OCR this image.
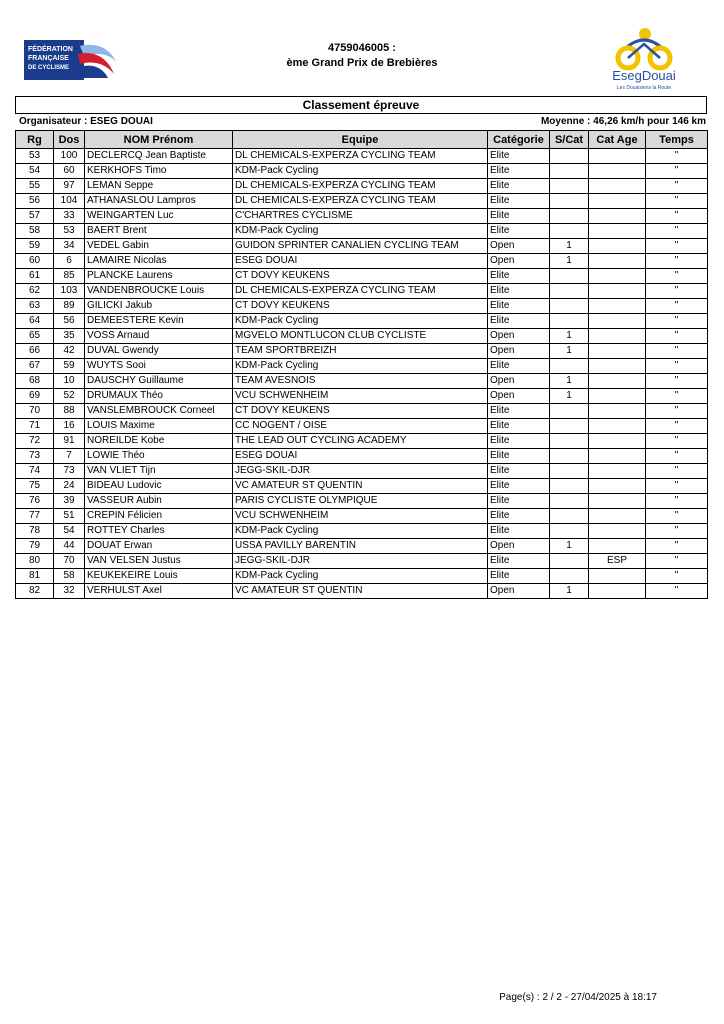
FÉDÉRATION
FRANÇAISE
DE CYCLISME	EsegDouai
Les Douaisiens la Route
4759046005 :
ème Grand Prix de Brebières
Classement épreuve
Organisateur : ESEG DOUAI	Moyenne : 46,26 km/h pour 146 km
Rg	Dos	NOM Prénom	Equipe	Catégorie	S/Cat	Cat Age	Temps
53	100	DECLERCQ Jean Baptiste	DL CHEMICALS-EXPERZA CYCLING TEAM	Elite			"
54	60	KERKHOFS Timo	KDM-Pack Cycling	Elite			"
55	97	LEMAN Seppe	DL CHEMICALS-EXPERZA CYCLING TEAM	Elite			"
56	104	ATHANASLOU Lampros	DL CHEMICALS-EXPERZA CYCLING TEAM	Elite			"
57	33	WEINGARTEN Luc	C'CHARTRES CYCLISME	Elite			"
58	53	BAERT Brent	KDM-Pack Cycling	Elite			"
59	34	VEDEL Gabin	GUIDON SPRINTER CANALIEN CYCLING TEAM	Open	1		"
60	6	LAMAIRE Nicolas	ESEG DOUAI	Open	1		"
61	85	PLANCKE Laurens	CT DOVY KEUKENS	Elite			"
62	103	VANDENBROUCKE Louis	DL CHEMICALS-EXPERZA CYCLING TEAM	Elite			"
63	89	GILICKI Jakub	CT DOVY KEUKENS	Elite			"
64	56	DEMEESTERE Kevin	KDM-Pack Cycling	Elite			"
65	35	VOSS Arnaud	MGVELO MONTLUCON CLUB CYCLISTE	Open	1		"
66	42	DUVAL Gwendy	TEAM SPORTBREIZH	Open	1		"
67	59	WUYTS Sooi	KDM-Pack Cycling	Elite			"
68	10	DAUSCHY Guillaume	TEAM AVESNOIS	Open	1		"
69	52	DRUMAUX Théo	VCU SCHWENHEIM	Open	1		"
70	88	VANSLEMBROUCK Corneel	CT DOVY KEUKENS	Elite			"
71	16	LOUIS Maxime	CC NOGENT / OISE	Elite			"
72	91	NOREILDE Kobe	THE LEAD OUT CYCLING ACADEMY	Elite			"
73	7	LOWIE Théo	ESEG DOUAI	Elite			"
74	73	VAN VLIET Tijn	JEGG-SKIL-DJR	Elite			"
75	24	BIDEAU Ludovic	VC AMATEUR ST QUENTIN	Elite			"
76	39	VASSEUR Aubin	PARIS CYCLISTE OLYMPIQUE	Elite			"
77	51	CREPIN Félicien	VCU SCHWENHEIM	Elite			"
78	54	ROTTEY Charles	KDM-Pack Cycling	Elite			"
79	44	DOUAT Erwan	USSA PAVILLY BARENTIN	Open	1		"
80	70	VAN VELSEN Justus	JEGG-SKIL-DJR	Elite		ESP	"
81	58	KEUKEKEIRE Louis	KDM-Pack Cycling	Elite			"
82	32	VERHULST Axel	VC AMATEUR ST QUENTIN	Open	1		"
Page(s) : 2 / 2 - 27/04/2025 à 18:17
